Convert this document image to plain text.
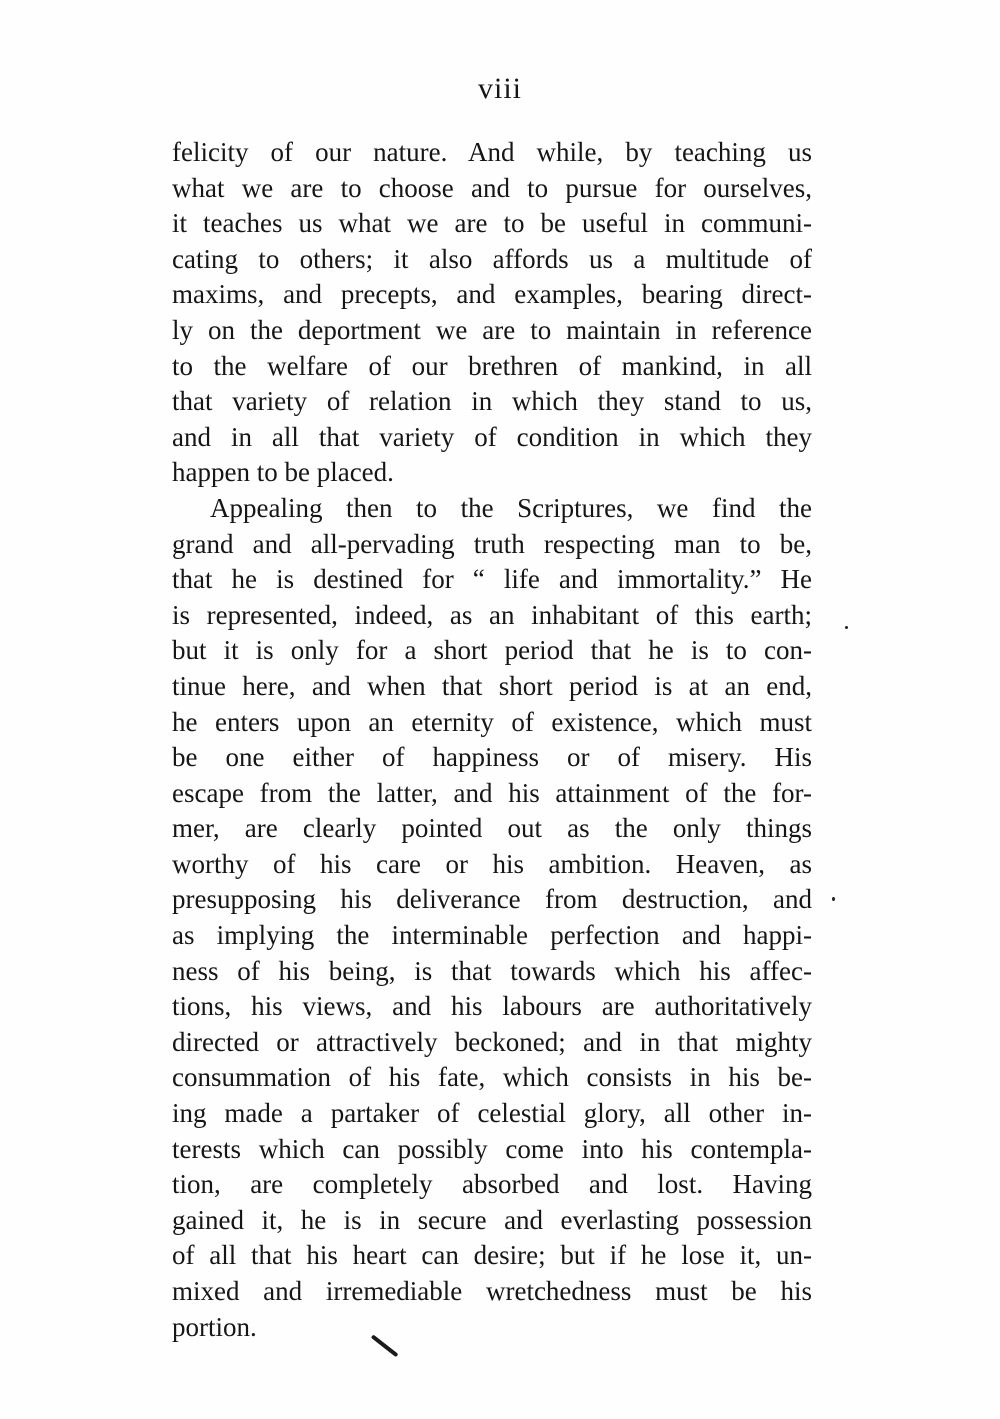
viii
felicity of our nature. And while, by teaching us
what we are to choose and to pursue for ourselves,
it teaches us what we are to be useful in communi-
cating to others; it also affords us a multitude of
maxims, and precepts, and examples, bearing direct-
ly on the deportment we are to maintain in reference
to the welfare of our brethren of mankind, in all
that variety of relation in which they stand to us,
and in all that variety of condition in which they
happen to be placed.
Appealing then to the Scriptures, we find the
grand and all-pervading truth respecting man to be,
that he is destined for “ life and immortality.” He
is represented, indeed, as an inhabitant of this earth;
but it is only for a short period that he is to con-
tinue here, and when that short period is at an end,
he enters upon an eternity of existence, which must
be one either of happiness or of misery. His
escape from the latter, and his attainment of the for-
mer, are clearly pointed out as the only things
worthy of his care or his ambition. Heaven, as
presupposing his deliverance from destruction, and
as implying the interminable perfection and happi-
ness of his being, is that towards which his affec-
tions, his views, and his labours are authoritatively
directed or attractively beckoned; and in that mighty
consummation of his fate, which consists in his be-
ing made a partaker of celestial glory, all other in-
terests which can possibly come into his contempla-
tion, are completely absorbed and lost. Having
gained it, he is in secure and everlasting possession
of all that his heart can desire; but if he lose it, un-
mixed and irremediable wretchedness must be his
portion.
